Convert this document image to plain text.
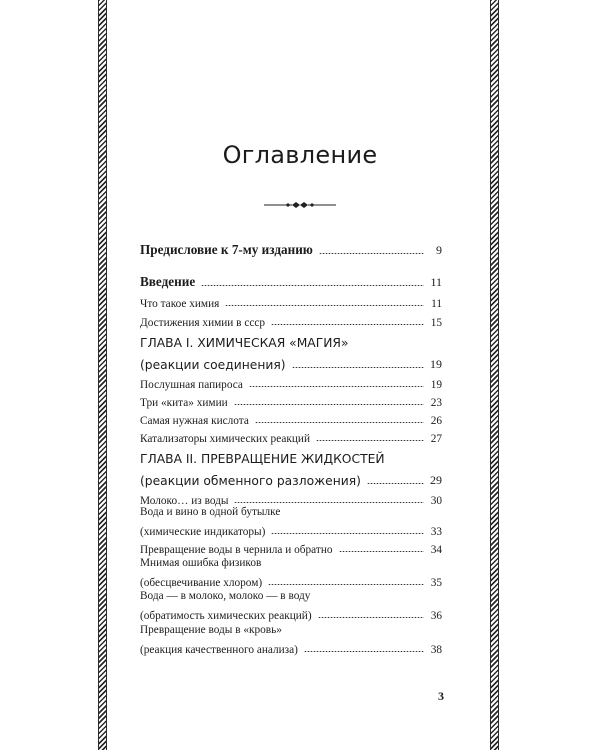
Оглавление
Предисловие к 7-му изданию	9
Введение	11
Что такое химия	11
Достижения химии в ссср	15
ГЛАВА I. ХИМИЧЕСКАЯ «МАГИЯ»
(реакции соединения)	19
Послушная папироса	19
Три «кита» химии	23
Самая нужная кислота	26
Катализаторы химических реакций	27
ГЛАВА II. ПРЕВРАЩЕНИЕ ЖИДКОСТЕЙ
(реакции обменного разложения)	29
Молоко… из воды	30
Вода и вино в одной бутылке
(химические индикаторы)	33
Превращение воды в чернила и обратно	34
Мнимая ошибка физиков
(обесцвечивание хлором)	35
Вода — в молоко, молоко — в воду
(обратимость химических реакций)	36
Превращение воды в «кровь»
(реакция качественного анализа)	38
3
